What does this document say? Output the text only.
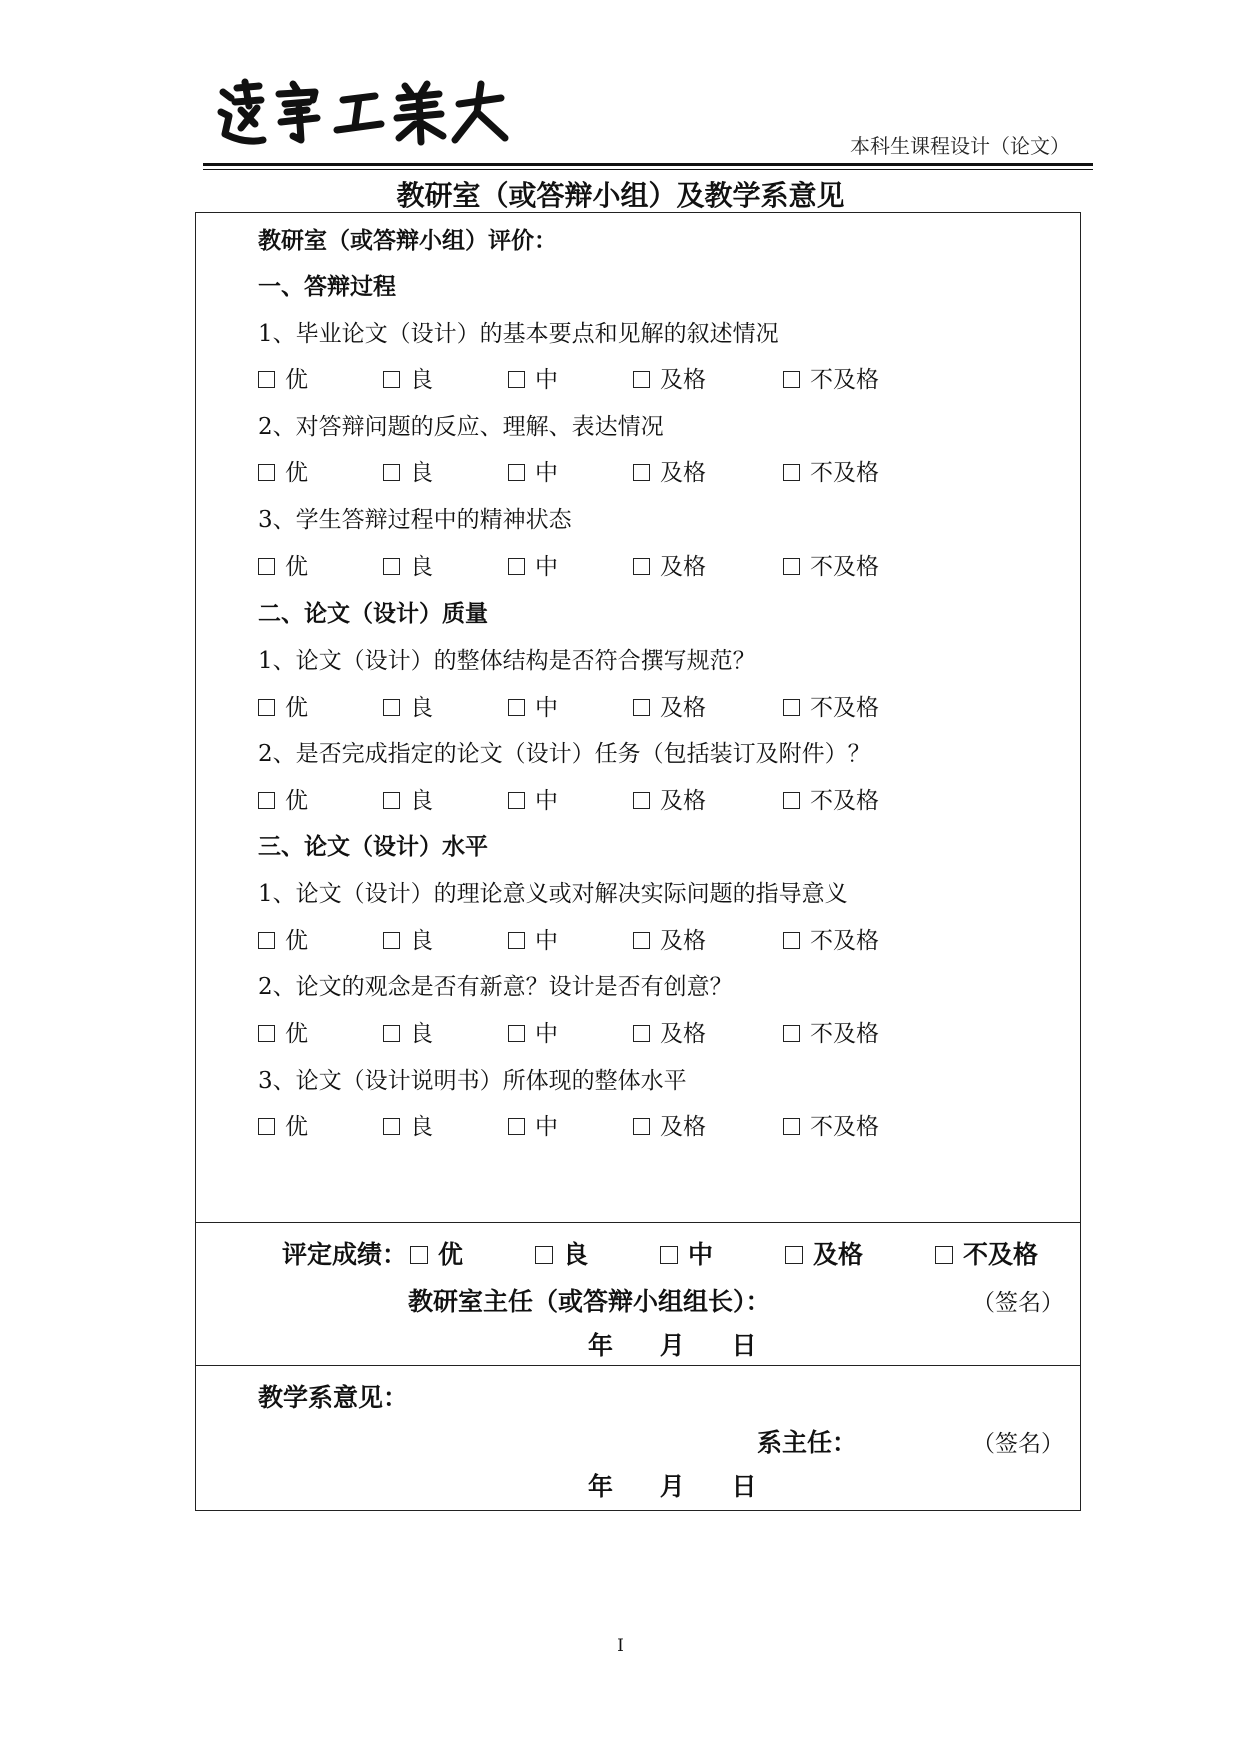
本科生课程设计（论文）
教研室（或答辩小组）及教学系意见
教研室（或答辩小组）评价：
一、答辩过程
1、毕业论文（设计）的基本要点和见解的叙述情况
优	良	中	及格	不及格
2、对答辩问题的反应、理解、表达情况
优	良	中	及格	不及格
3、学生答辩过程中的精神状态
优	良	中	及格	不及格
二、论文（设计）质量
1、论文（设计）的整体结构是否符合撰写规范？
优	良	中	及格	不及格
2、是否完成指定的论文（设计）任务（包括装订及附件）？
优	良	中	及格	不及格
三、论文（设计）水平
1、论文（设计）的理论意义或对解决实际问题的指导意义
优	良	中	及格	不及格
2、论文的观念是否有新意？设计是否有创意？
优	良	中	及格	不及格
3、论文（设计说明书）所体现的整体水平
优	良	中	及格	不及格
评定成绩：	优	良	中	及格	不及格
教研室主任（或答辩小组组长）：	（签名）
年 月 日
教学系意见：
系主任：	（签名）
年 月 日
I
